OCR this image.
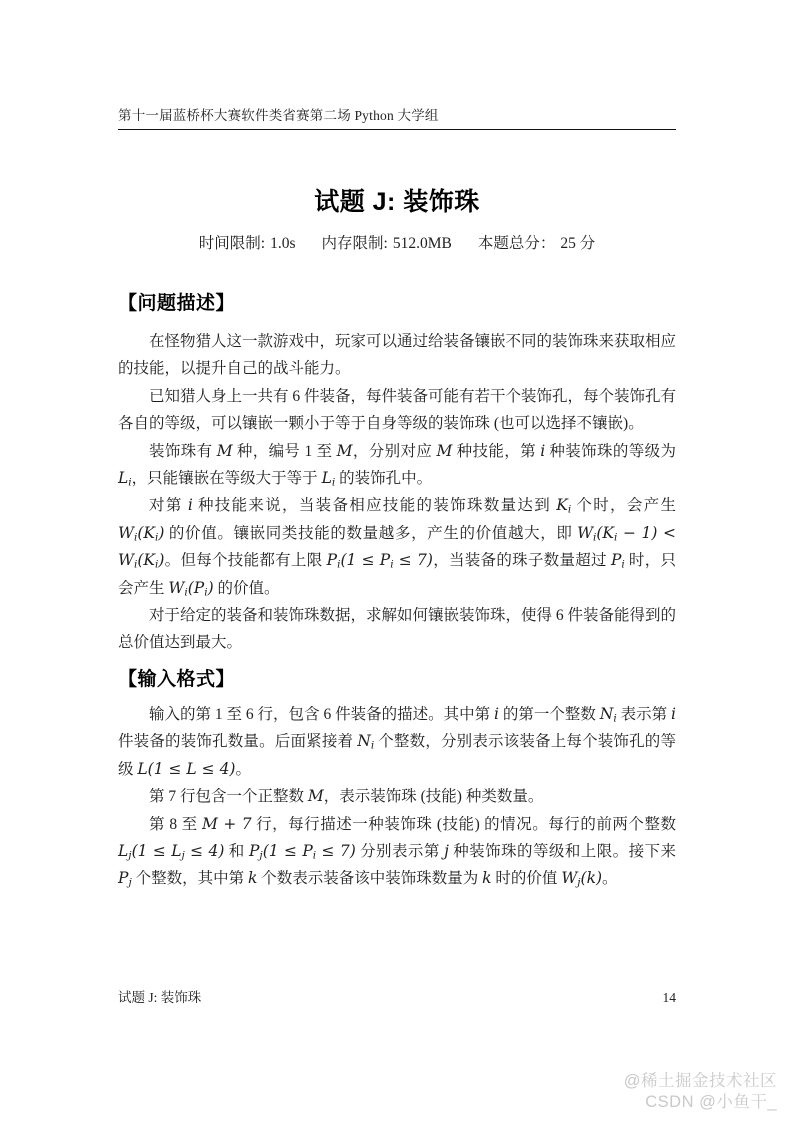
第十一届蓝桥杯大赛软件类省赛第二场 Python 大学组
试题 J: 装饰珠
时间限制: 1.0s 内存限制: 512.0MB 本题总分： 25 分
【问题描述】

在怪物猎人这一款游戏中，玩家可以通过给装备镶嵌不同的装饰珠来获取相应的技能，以提升自己的战斗能力。

已知猎人身上一共有 6 件装备，每件装备可能有若干个装饰孔，每个装饰孔有各自的等级，可以镶嵌一颗小于等于自身等级的装饰珠 (也可以选择不镶嵌)。

装饰珠有 M 种，编号 1 至 M，分别对应 M 种技能，第 i 种装饰珠的等级为 $L_i$，只能镶嵌在等级大于等于 $L_i$ 的装饰孔中。

对第 i 种技能来说，当装备相应技能的装饰珠数量达到 $K_i$ 个时，会产生 $W_i(K_i)$ 的价值。镶嵌同类技能的数量越多，产生的价值越大，即 $W_i(K_i - 1) < W_i(K_i)$。但每个技能都有上限 $P_i(1 \le P_i \le 7)$，当装备的珠子数量超过 $P_i$ 时，只会产生 $W_i(P_i)$ 的价值。

对于给定的装备和装饰珠数据，求解如何镶嵌装饰珠，使得 6 件装备能得到的总价值达到最大。

【输入格式】

输入的第 1 至 6 行，包含 6 件装备的描述。其中第 i 的第一个整数 $N_i$ 表示第 i 件装备的装饰孔数量。后面紧接着 $N_i$ 个整数，分别表示该装备上每个装饰孔的等级 L(1 ≤ L ≤ 4)。

第 7 行包含一个正整数 M，表示装饰珠 (技能) 种类数量。

第 8 至 M + 7 行，每行描述一种装饰珠 (技能) 的情况。每行的前两个整数 $L_j(1 \le L_j \le 4)$ 和 $P_j(1 \le P_i \le 7)$ 分别表示第 j 种装饰珠的等级和上限。接下来 $P_j$ 个整数，其中第 k 个数表示装备该中装饰珠数量为 k 时的价值 $W_j(k)$。

试题 J: 装饰珠	14
@稀土掘金技术社区
CSDN @小鱼干_
